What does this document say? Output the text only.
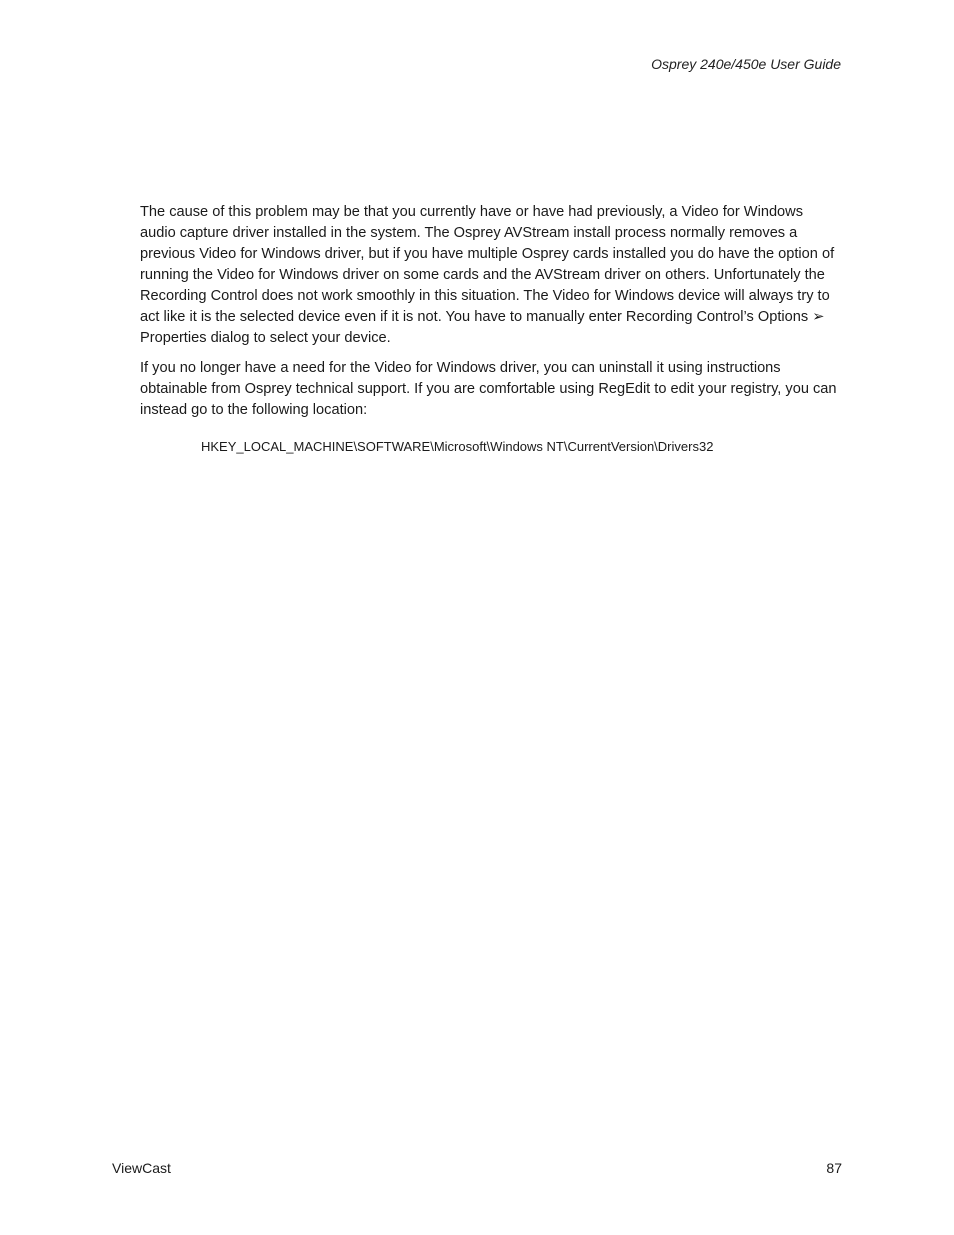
Osprey 240e/450e User Guide

The cause of this problem may be that you currently have or have had previously, a Video for Windows audio capture driver installed in the system. The Osprey AVStream install process normally removes a previous Video for Windows driver, but if you have multiple Osprey cards installed you do have the option of running the Video for Windows driver on some cards and the AVStream driver on others. Unfortunately the Recording Control does not work smoothly in this situation. The Video for Windows device will always try to act like it is the selected device even if it is not. You have to manually enter Recording Control’s Options ➢ Properties dialog to select your device.

If you no longer have a need for the Video for Windows driver, you can uninstall it using instructions obtainable from Osprey technical support. If you are comfortable using RegEdit to edit your registry, you can instead go to the following location:

HKEY_LOCAL_MACHINE\SOFTWARE\Microsoft\Windows NT\CurrentVersion\Drivers32
ViewCast	87
